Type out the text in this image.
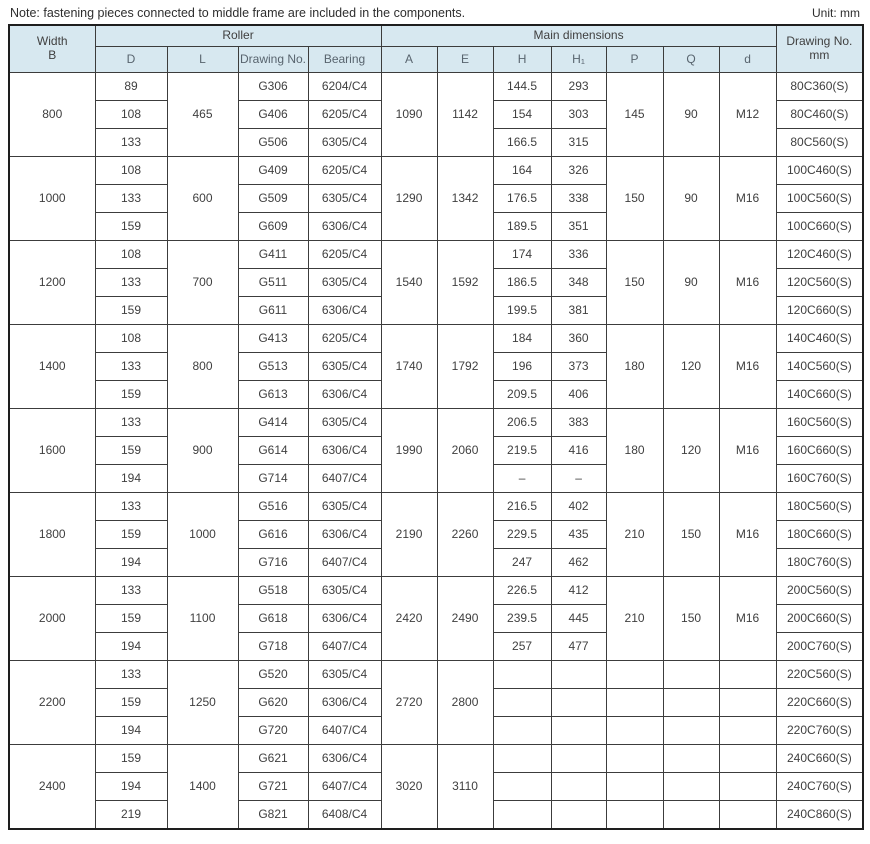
Note: fastening pieces connected to middle frame are included in the components.	Unit: mm
Width
B	Roller				Main dimensions							Drawing No.
mm

	D	L	Drawing No.	Bearing	A	E	H	H₁	P	Q	d	
800	89	465	G306	6204/C4	1090	1142	144.5	293	145	90	M12	80C360(S)
	108		G406	6205/C4			154	303				80C460(S)
	133		G506	6305/C4			166.5	315				80C560(S)
1000	108	600	G409	6205/C4	1290	1342	164	326	150	90	M16	100C460(S)
	133		G509	6305/C4			176.5	338				100C560(S)
	159		G609	6306/C4			189.5	351				100C660(S)
1200	108	700	G411	6205/C4	1540	1592	174	336	150	90	M16	120C460(S)
	133		G511	6305/C4			186.5	348				120C560(S)
	159		G611	6306/C4			199.5	381				120C660(S)
1400	108	800	G413	6205/C4	1740	1792	184	360	180	120	M16	140C460(S)
	133		G513	6305/C4			196	373				140C560(S)
	159		G613	6306/C4			209.5	406				140C660(S)
1600	133	900	G414	6305/C4	1990	2060	206.5	383	180	120	M16	160C560(S)
	159		G614	6306/C4			219.5	416				160C660(S)
	194		G714	6407/C4			–	–				160C760(S)
1800	133	1000	G516	6305/C4	2190	2260	216.5	402	210	150	M16	180C560(S)
	159		G616	6306/C4			229.5	435				180C660(S)
	194		G716	6407/C4			247	462				180C760(S)
2000	133	1100	G518	6305/C4	2420	2490	226.5	412	210	150	M16	200C560(S)
	159		G618	6306/C4			239.5	445				200C660(S)
	194		G718	6407/C4			257	477				200C760(S)
2200	133	1250	G520	6305/C4	2720	2800						220C560(S)
	159		G620	6306/C4								220C660(S)
	194		G720	6407/C4								220C760(S)
2400	159	1400	G621	6306/C4	3020	3110						240C660(S)
	194		G721	6407/C4								240C760(S)
	219		G821	6408/C4								240C860(S)
